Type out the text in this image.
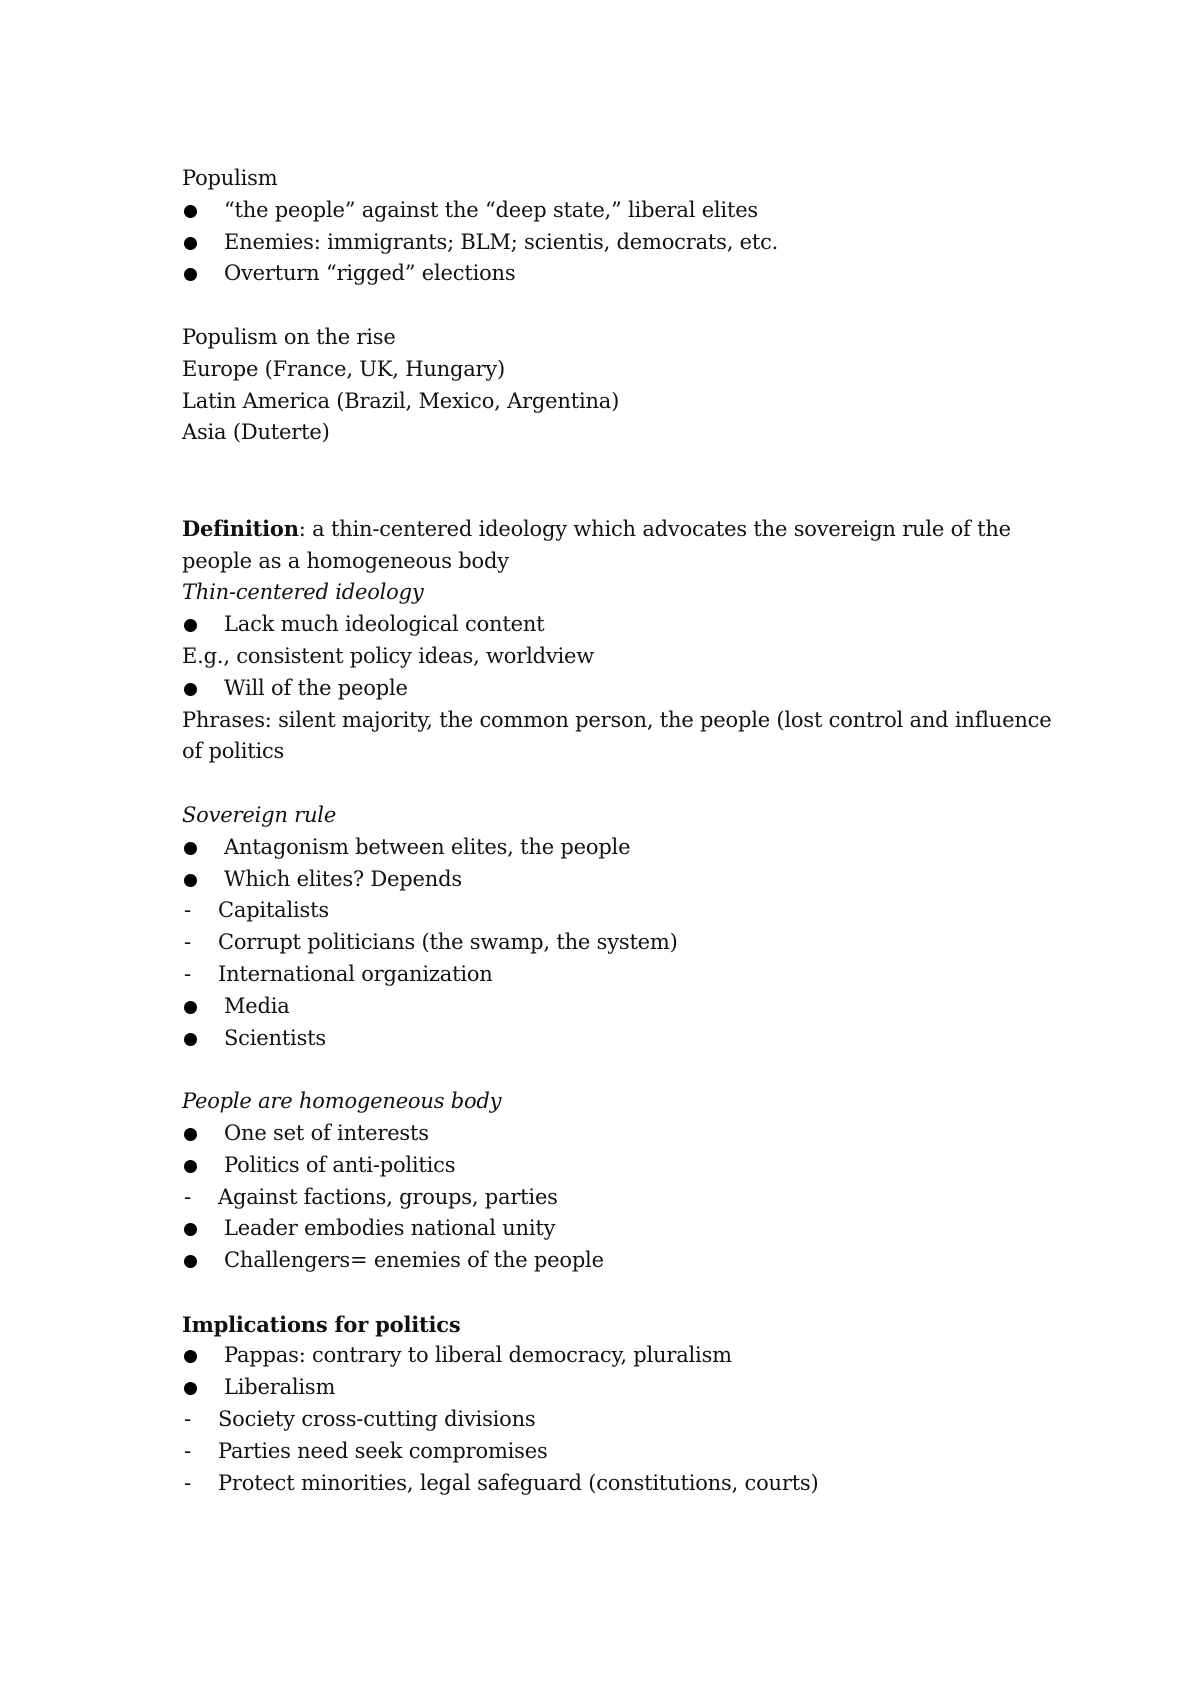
Populism
“the people” against the “deep state,” liberal elites
Enemies: immigrants; BLM; scientis, democrats, etc.
Overturn “rigged” elections
Populism on the rise
Europe (France, UK, Hungary)
Latin America (Brazil, Mexico, Argentina)
Asia (Duterte)
Definition: a thin-centered ideology which advocates the sovereign rule of the people as a homogeneous body
Thin-centered ideology
Lack much ideological content
E.g., consistent policy ideas, worldview
Will of the people
Phrases: silent majority, the common person, the people (lost control and influence of politics
Sovereign rule
Antagonism between elites, the people
Which elites? Depends
- Capitalists
- Corrupt politicians (the swamp, the system)
- International organization
Media
Scientists
People are homogeneous body
One set of interests
Politics of anti-politics
- Against factions, groups, parties
Leader embodies national unity
Challengers= enemies of the people
Implications for politics
Pappas: contrary to liberal democracy, pluralism
Liberalism
- Society cross-cutting divisions
- Parties need seek compromises
- Protect minorities, legal safeguard (constitutions, courts)
